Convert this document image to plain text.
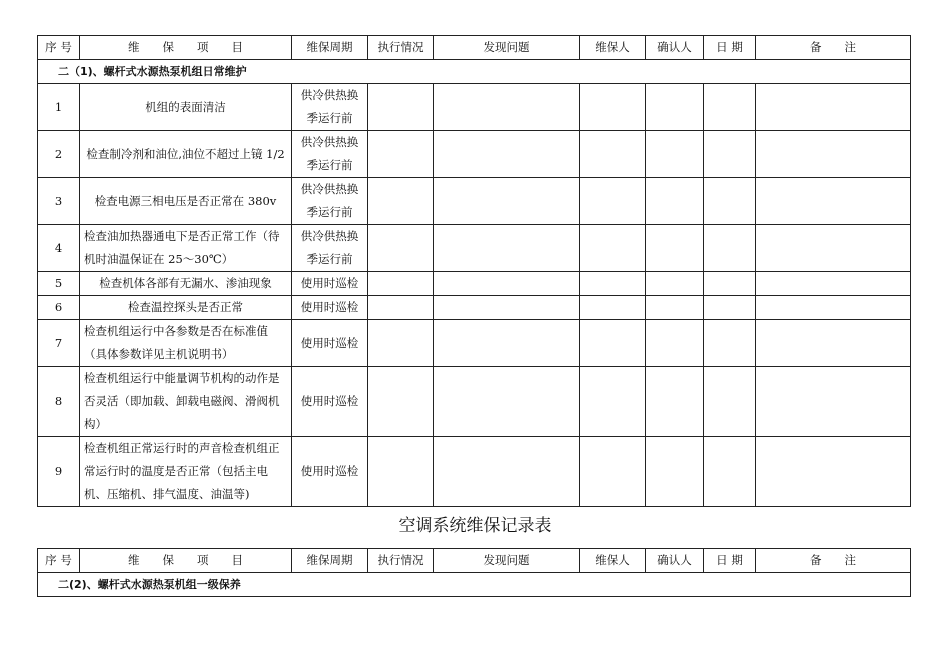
序 号	维　　保　　项　　目	维保周期	执行情况	发现问题	维保人	确认人	日 期	备　　注
二（1)、螺杆式水源热泵机组日常维护								
1	机组的表面清洁	供冷供热换季运行前						
2	检查制冷剂和油位,油位不超过上镜 1/2	供冷供热换季运行前						
3	检查电源三相电压是否正常在 380v	供冷供热换季运行前						
4	检查油加热器通电下是否正常工作（待机时油温保证在 25～30℃）	供冷供热换季运行前						
5	检查机体各部有无漏水、渗油现象	使用时巡检						
6	检查温控探头是否正常	使用时巡检						
7	检查机组运行中各参数是否在标准值（具体参数详见主机说明书）	使用时巡检						
8	检查机组运行中能量调节机构的动作是否灵活（即加载、卸载电磁阀、滑阀机构）	使用时巡检						
9	检查机组正常运行时的声音检查机组正常运行时的温度是否正常（包括主电机、压缩机、排气温度、油温等)	使用时巡检						
空调系统维保记录表
序 号	维　　保　　项　　目	维保周期	执行情况	发现问题	维保人	确认人	日 期	备　　注
二(2)、螺杆式水源热泵机组一级保养
